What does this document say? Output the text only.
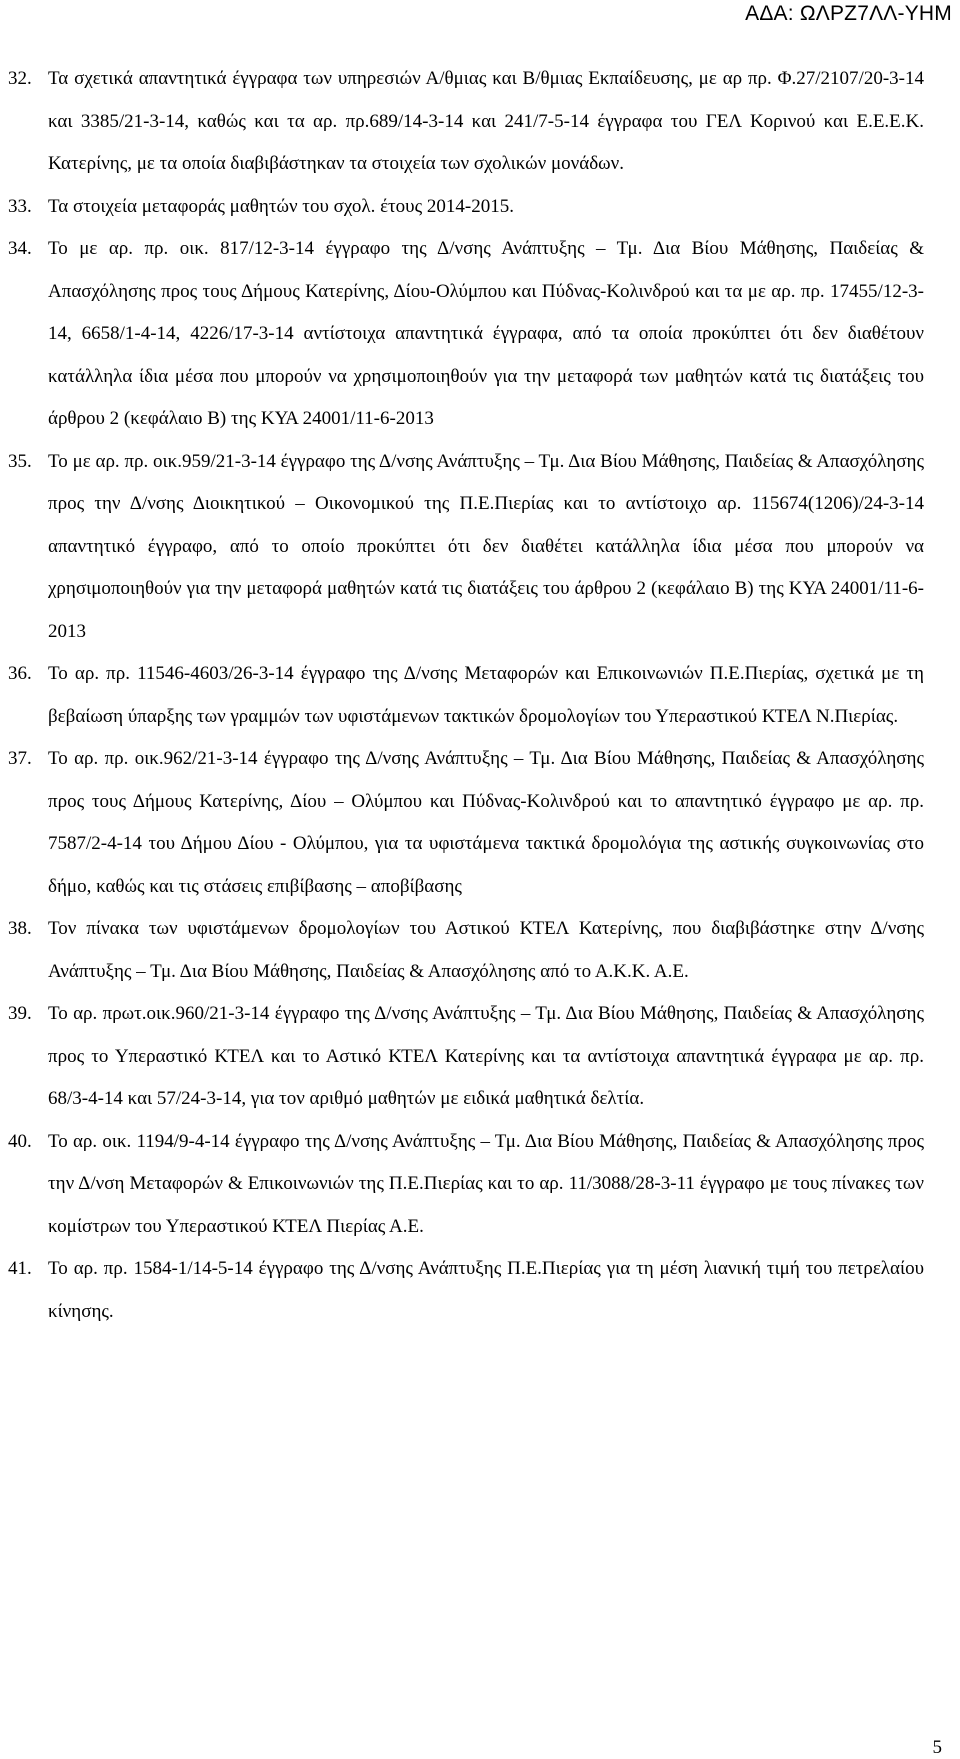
ΑΔΑ: ΩΛΡΖ7ΛΛ-ΥΗΜ
32. Τα σχετικά απαντητικά έγγραφα των υπηρεσιών Α/θμιας και Β/θμιας Εκπαίδευσης, με αρ πρ. Φ.27/2107/20-3-14 και 3385/21-3-14, καθώς και τα αρ. πρ.689/14-3-14 και 241/7-5-14 έγγραφα του ΓΕΛ Κορινού και Ε.Ε.Ε.Κ. Κατερίνης, με τα οποία διαβιβάστηκαν τα στοιχεία των σχολικών μονάδων.
33. Τα στοιχεία μεταφοράς μαθητών του σχολ. έτους 2014-2015.
34. Το με αρ. πρ. οικ. 817/12-3-14 έγγραφο της Δ/νσης Ανάπτυξης – Τμ. Δια Βίου Μάθησης, Παιδείας & Απασχόλησης προς τους Δήμους Κατερίνης, Δίου-Ολύμπου και Πύδνας-Κολινδρού και τα με αρ. πρ. 17455/12-3-14, 6658/1-4-14, 4226/17-3-14 αντίστοιχα απαντητικά έγγραφα, από τα οποία προκύπτει ότι δεν διαθέτουν κατάλληλα ίδια μέσα που μπορούν να χρησιμοποιηθούν για την μεταφορά των μαθητών κατά τις διατάξεις του άρθρου 2 (κεφάλαιο Β) της ΚΥΑ 24001/11-6-2013
35. Το με αρ. πρ. οικ.959/21-3-14 έγγραφο της Δ/νσης Ανάπτυξης – Τμ. Δια Βίου Μάθησης, Παιδείας & Απασχόλησης προς την Δ/νσης Διοικητικού – Οικονομικού της Π.Ε.Πιερίας και το αντίστοιχο αρ. 115674(1206)/24-3-14 απαντητικό έγγραφο, από το οποίο προκύπτει ότι δεν διαθέτει κατάλληλα ίδια μέσα που μπορούν να χρησιμοποιηθούν για την μεταφορά μαθητών κατά τις διατάξεις του άρθρου 2 (κεφάλαιο Β) της ΚΥΑ 24001/11-6-2013
36. Το αρ. πρ. 11546-4603/26-3-14 έγγραφο της Δ/νσης Μεταφορών και Επικοινωνιών Π.Ε.Πιερίας, σχετικά με τη βεβαίωση ύπαρξης των γραμμών των υφιστάμενων τακτικών δρομολογίων του Υπεραστικού ΚΤΕΛ Ν.Πιερίας.
37. Το αρ. πρ. οικ.962/21-3-14 έγγραφο της Δ/νσης Ανάπτυξης – Τμ. Δια Βίου Μάθησης, Παιδείας & Απασχόλησης προς τους Δήμους Κατερίνης, Δίου – Ολύμπου και Πύδνας-Κολινδρού και το απαντητικό έγγραφο με αρ. πρ. 7587/2-4-14 του Δήμου Δίου - Ολύμπου, για τα υφιστάμενα τακτικά δρομολόγια της αστικής συγκοινωνίας στο δήμο, καθώς και τις στάσεις επιβίβασης – αποβίβασης
38. Τον πίνακα των υφιστάμενων δρομολογίων του Αστικού ΚΤΕΛ Κατερίνης, που διαβιβάστηκε στην Δ/νσης Ανάπτυξης – Τμ. Δια Βίου Μάθησης, Παιδείας & Απασχόλησης από το Α.Κ.Κ. Α.Ε.
39. Το αρ. πρωτ.οικ.960/21-3-14 έγγραφο της Δ/νσης Ανάπτυξης – Τμ. Δια Βίου Μάθησης, Παιδείας & Απασχόλησης προς το Υπεραστικό ΚΤΕΛ και το Αστικό ΚΤΕΛ Κατερίνης και τα αντίστοιχα απαντητικά έγγραφα με αρ. πρ. 68/3-4-14 και 57/24-3-14, για τον αριθμό μαθητών με ειδικά μαθητικά δελτία.
40. Το αρ. οικ. 1194/9-4-14 έγγραφο της Δ/νσης Ανάπτυξης – Τμ. Δια Βίου Μάθησης, Παιδείας & Απασχόλησης προς την Δ/νση Μεταφορών & Επικοινωνιών της Π.Ε.Πιερίας και το αρ. 11/3088/28-3-11 έγγραφο με τους πίνακες των κομίστρων του Υπεραστικού ΚΤΕΛ Πιερίας Α.Ε.
41. Το αρ. πρ. 1584-1/14-5-14 έγγραφο της Δ/νσης Ανάπτυξης Π.Ε.Πιερίας για τη μέση λιανική τιμή του πετρελαίου κίνησης.
5
